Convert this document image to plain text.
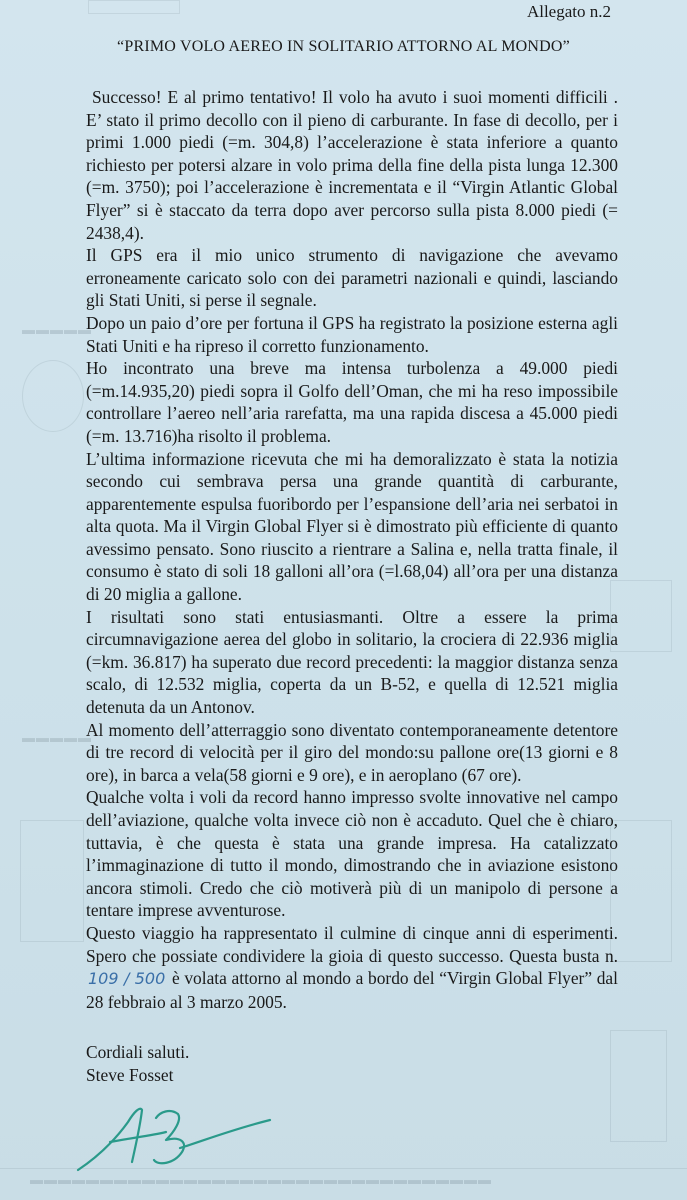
▬▬▬▬▬
▬▬▬▬▬
▬▬▬▬▬▬▬▬▬▬▬▬▬▬▬▬▬▬▬▬▬▬▬▬▬▬▬▬▬▬▬▬▬
Allegato n.2
“PRIMO VOLO AEREO IN SOLITARIO ATTORNO AL MONDO”

Successo! E al primo tentativo! Il volo ha avuto i suoi momenti difficili . E’ stato il primo decollo con il pieno di carburante. In fase di decollo, per i primi 1.000 piedi (=m. 304,8) l’accelerazione è stata inferiore a quanto richiesto per potersi alzare in volo prima della fine della pista lunga 12.300 (=m. 3750); poi l’accelerazione è incrementata e il “Virgin Atlantic Global Flyer” si è staccato da terra dopo aver percorso sulla pista 8.000 piedi (= 2438,4).

Il GPS era il mio unico strumento di navigazione che avevamo erroneamente caricato solo con dei parametri nazionali e quindi, lasciando gli Stati Uniti, si perse il segnale.

Dopo un paio d’ore per fortuna il GPS ha registrato la posizione esterna agli Stati Uniti e ha ripreso il corretto funzionamento.

Ho incontrato una breve ma intensa turbolenza a 49.000 piedi (=m.14.935,20) piedi sopra il Golfo dell’Oman, che mi ha reso impossibile controllare l’aereo nell’aria rarefatta, ma una rapida discesa a 45.000 piedi (=m. 13.716)ha risolto il problema.

L’ultima informazione ricevuta che mi ha demoralizzato è stata la notizia secondo cui sembrava persa una grande quantità di carburante, apparentemente espulsa fuoribordo per l’espansione dell’aria nei serbatoi in alta quota. Ma il Virgin Global Flyer si è dimostrato più efficiente di quanto avessimo pensato. Sono riuscito a rientrare a Salina e, nella tratta finale, il consumo è stato di soli 18 galloni all’ora (=l.68,04) all’ora per una distanza di 20 miglia a gallone.

I risultati sono stati entusiasmanti. Oltre a essere la prima circumnavigazione aerea del globo in solitario, la crociera di 22.936 miglia (=km. 36.817) ha superato due record precedenti: la maggior distanza senza scalo, di 12.532 miglia, coperta da un B-52, e quella di 12.521 miglia detenuta da un Antonov.

Al momento dell’atterraggio sono diventato contemporaneamente detentore di tre record di velocità per il giro del mondo:su pallone ore(13 giorni e 8 ore), in barca a vela(58 giorni e 9 ore), e in aeroplano (67 ore).

Qualche volta i voli da record hanno impresso svolte innovative nel campo dell’aviazione, qualche volta invece ciò non è accaduto. Quel che è chiaro, tuttavia, è che questa è stata una grande impresa. Ha catalizzato l’immaginazione di tutto il mondo, dimostrando che in aviazione esistono ancora stimoli. Credo che ciò motiverà più di un manipolo di persone a tentare imprese avventurose.

Questo viaggio ha rappresentato il culmine di cinque anni di esperimenti. Spero che possiate condividere la gioia di questo successo. Questa busta n. 109 / 500 è volata attorno al mondo a bordo del “Virgin Global Flyer” dal 28 febbraio al 3 marzo 2005.

Cordiali saluti.
Steve Fosset
